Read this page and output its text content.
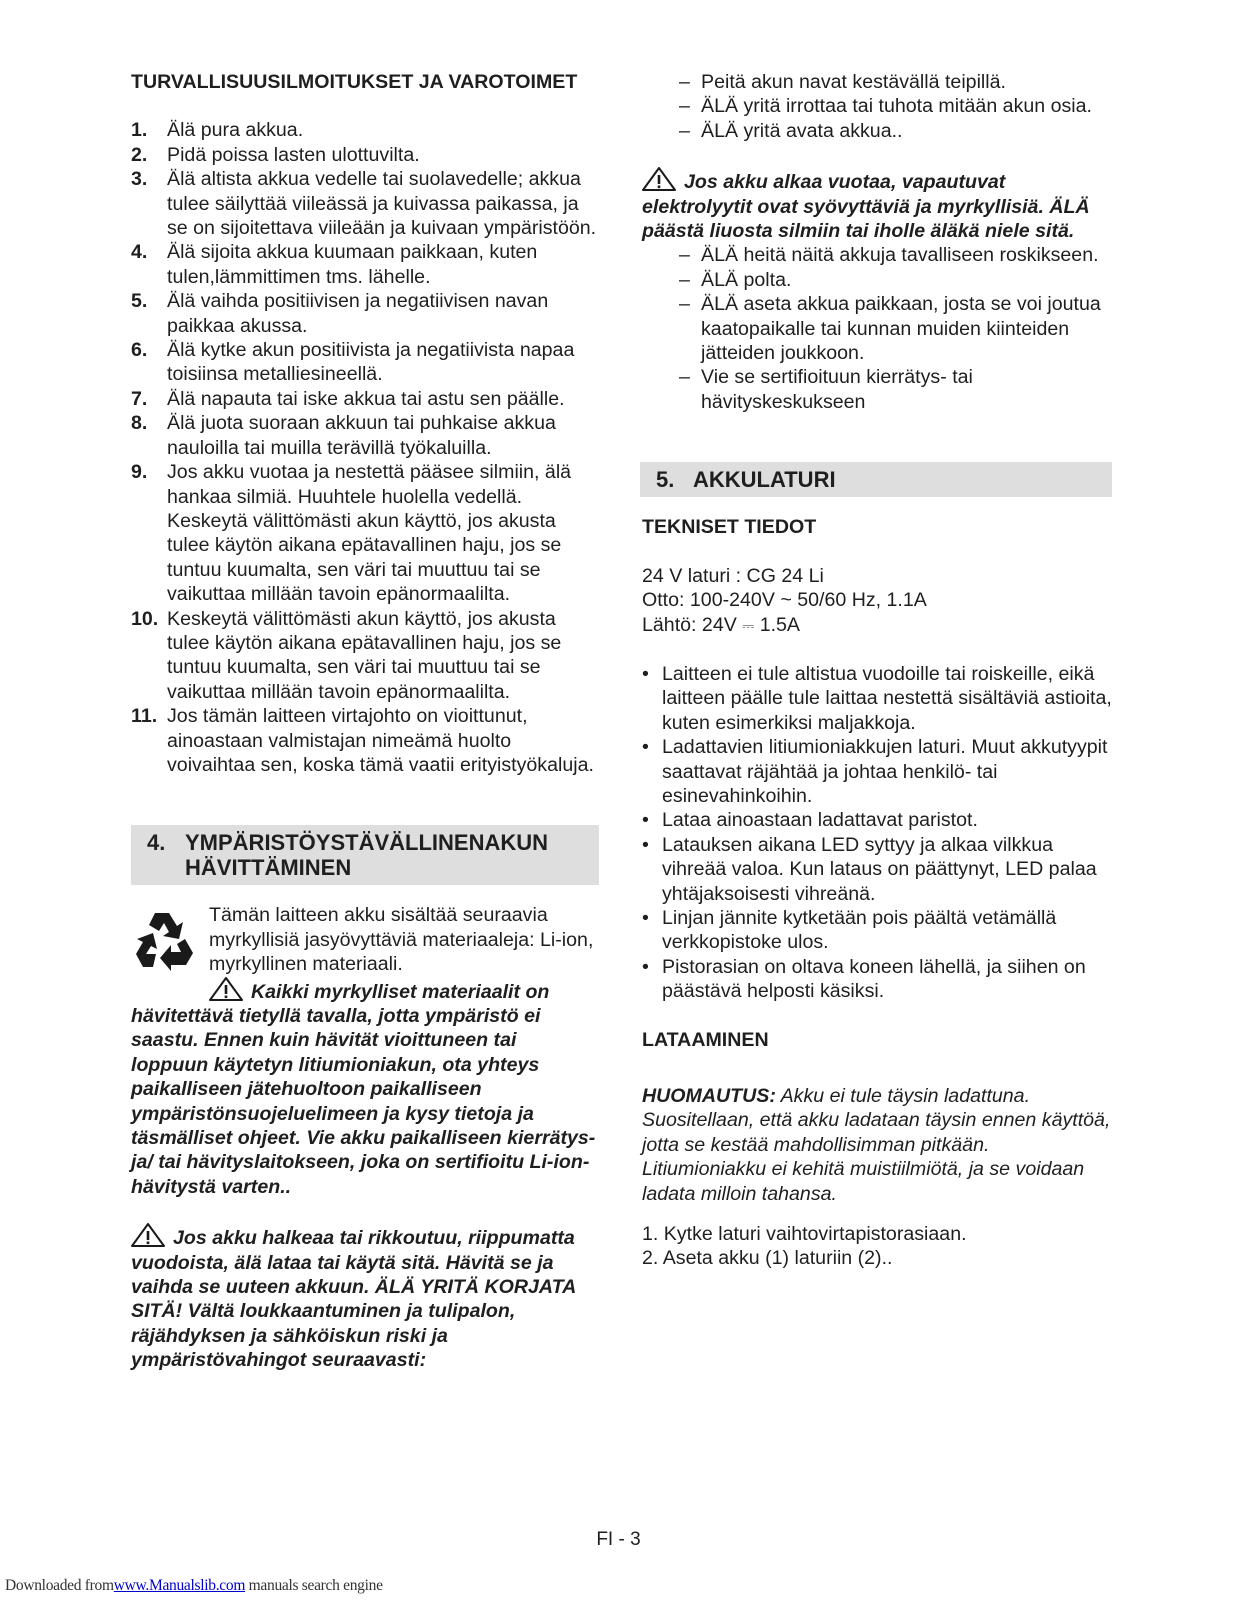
TURVALLISUUSILMOITUKSET JA VAROTOIMET
1. Älä pura akkua.
2. Pidä poissa lasten ulottuvilta.
3. Älä altista akkua vedelle tai suolavedelle; akkua tulee säilyttää viileässä ja kuivassa paikassa, ja se on sijoitettava viileään ja kuivaan ympäristöön.
4. Älä sijoita akkua kuumaan paikkaan, kuten tulen,lämmittimen tms. lähelle.
5. Älä vaihda positiivisen ja negatiivisen navan paikkaa akussa.
6. Älä kytke akun positiivista ja negatiivista napaa toisiinsa metalliesineellä.
7. Älä napauta tai iske akkua tai astu sen päälle.
8. Älä juota suoraan akkuun tai puhkaise akkua nauloilla tai muilla terävillä työkaluilla.
9. Jos akku vuotaa ja nestettä pääsee silmiin, älä hankaa silmiä. Huuhtele huolella vedellä. Keskeytä välittömästi akun käyttö, jos akusta tulee käytön aikana epätavallinen haju, jos se tuntuu kuumalta, sen väri tai muuttuu tai se vaikuttaa millään tavoin epänormaalilta.
10. Keskeytä välittömästi akun käyttö, jos akusta tulee käytön aikana epätavallinen haju, jos se tuntuu kuumalta, sen väri tai muuttuu tai se vaikuttaa millään tavoin epänormaalilta.
11. Jos tämän laitteen virtajohto on vioittunut, ainoastaan valmistajan nimeämä huolto voivaihtaa sen, koska tämä vaatii erityistyökaluja.
4. YMPÄRISTÖYSTÄVÄLLINENAKUN HÄVITTÄMINEN
Tämän laitteen akku sisältää seuraavia myrkyllisiä jasyövyttäviä materiaaleja: Li-ion, myrkyllinen materiaali.
Kaikki myrkylliset materiaalit on hävitettävä tietyllä tavalla, jotta ympäristö ei saastu. Ennen kuin hävität vioittuneen tai loppuun käytetyn litiumioniakun, ota yhteys paikalliseen jätehuoltoon paikalliseen ympäristönsuojeluelimeen ja kysy tietoja ja täsmälliset ohjeet. Vie akku paikalliseen kierrätys- ja/ tai hävityslaitokseen, joka on sertifioitu Li-ion-hävitystä varten..
Jos akku halkeaa tai rikkoutuu, riippumatta vuodoista, älä lataa tai käytä sitä. Hävitä se ja vaihda se uuteen akkuun. ÄLÄ YRITÄ KORJATA SITÄ! Vältä loukkaantuminen ja tulipalon, räjähdyksen ja sähköiskun riski ja ympäristövahingot seuraavasti:
– Peitä akun navat kestävällä teipillä.
– ÄLÄ yritä irrottaa tai tuhota mitään akun osia.
– ÄLÄ yritä avata akkua..
Jos akku alkaa vuotaa, vapautuvat elektrolyytit ovat syövyttäviä ja myrkyllisiä. ÄLÄ päästä liuosta silmiin tai iholle äläkä niele sitä.
– ÄLÄ heitä näitä akkuja tavalliseen roskikseen.
– ÄLÄ polta.
– ÄLÄ aseta akkua paikkaan, josta se voi joutua kaatopaikalle tai kunnan muiden kiinteiden jätteiden joukkoon.
– Vie se sertifioituun kierrätys- tai hävityskeskukseen
5. AKKULATURI
TEKNISET TIEDOT
24 V laturi : CG 24 Li
Otto: 100-240V ~ 50/60 Hz, 1.1A
Lähtö: 24V ⎓ 1.5A
• Laitteen ei tule altistua vuodoille tai roiskeille, eikä laitteen päälle tule laittaa nestettä sisältäviä astioita, kuten esimerkiksi maljakkoja.
• Ladattavien litiumioniakkujen laturi. Muut akkutyypit saattavat räjähtää ja johtaa henkilö- tai esinevahinkoihin.
• Lataa ainoastaan ladattavat paristot.
• Latauksen aikana LED syttyy ja alkaa vilkkua vihreää valoa. Kun lataus on päättynyt, LED palaa yhtäjaksoisesti vihreänä.
• Linjan jännite kytketään pois päältä vetämällä verkkopistoke ulos.
• Pistorasian on oltava koneen lähellä, ja siihen on päästävä helposti käsiksi.
LATAAMINEN
HUOMAUTUS: Akku ei tule täysin ladattuna. Suositellaan, että akku ladataan täysin ennen käyttöä, jotta se kestää mahdollisimman pitkään. Litiumioniakku ei kehitä muistiilmiötä, ja se voidaan ladata milloin tahansa.
1. Kytke laturi vaihtovirtapistorasiaan.
2. Aseta akku (1) laturiin (2)..
FI - 3
Downloaded fromwww.Manualslib.com manuals search engine
